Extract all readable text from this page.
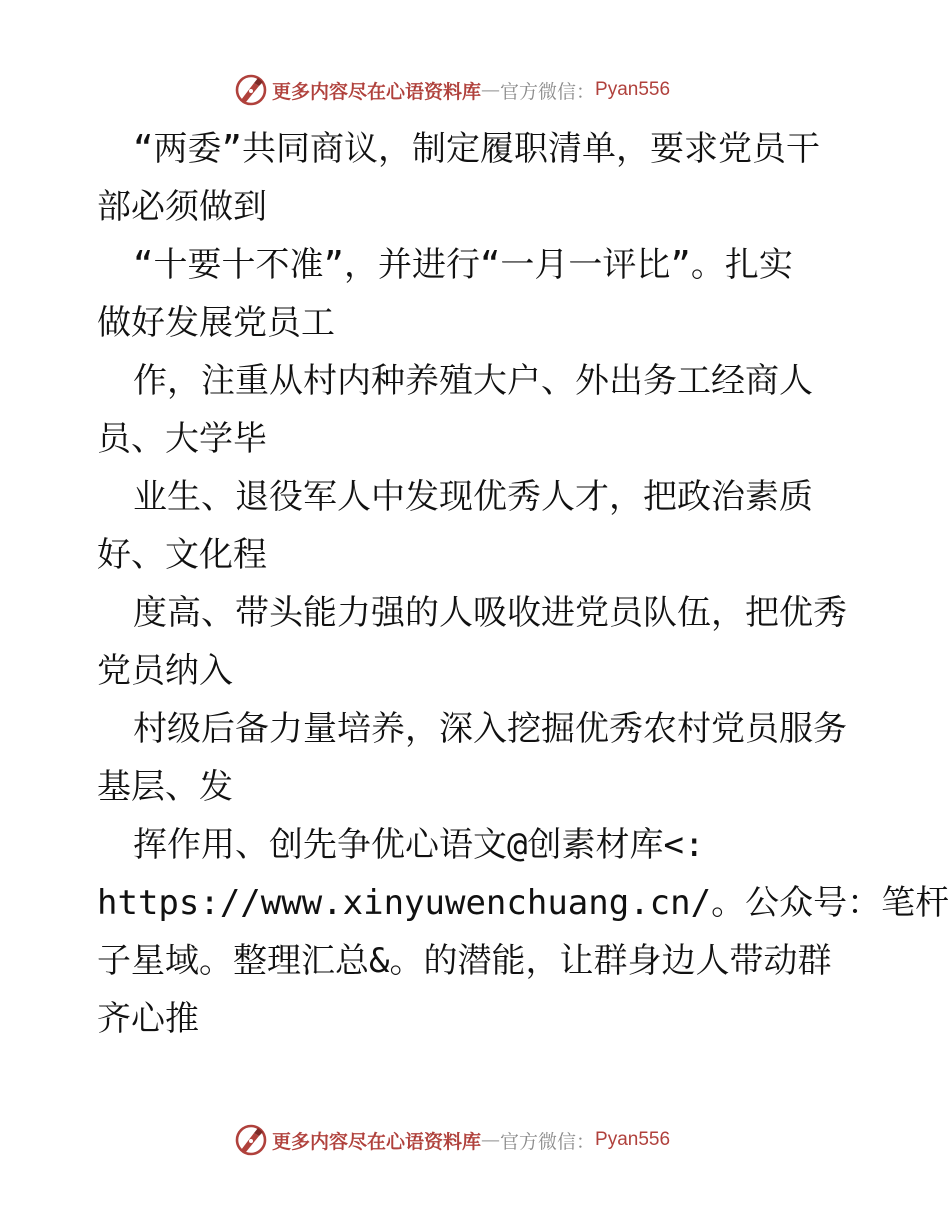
更多内容尽在心语资料库 — 官方微信： Pyan556
“两委”共同商议，制定履职清单，要求党员干
部必须做到
“十要十不准”，并进行“一月一评比”。扎实
做好发展党员工
作，注重从村内种养殖大户、外出务工经商人
员、大学毕
业生、退役军人中发现优秀人才，把政治素质
好、文化程
度高、带头能力强的人吸收进党员队伍，把优秀
党员纳入
村级后备力量培养，深入挖掘优秀农村党员服务
基层、发
挥作用、创先争优心语文@创素材库<:
https://www.xinyuwenchuang.cn/。公众号：笔杆
子星域。整理汇总&。的潜能，让群身边人带动群
齐心推
更多内容尽在心语资料库 — 官方微信： Pyan556
